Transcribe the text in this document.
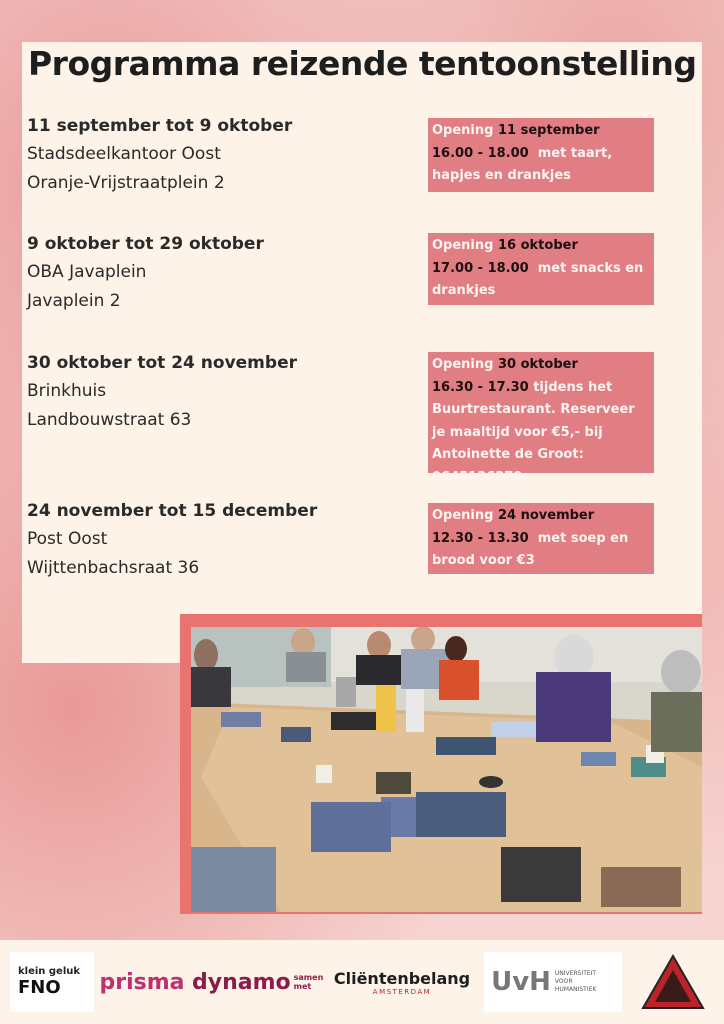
Programma reizende tentoonstelling
11 september tot 9 oktober
Stadsdeelkantoor Oost
Oranje-Vrijstraatplein 2
Opening 11 september
16.00 - 18.00 met taart, hapjes en drankjes
9 oktober tot 29 oktober
OBA Javaplein
Javaplein 2
Opening 16 oktober
17.00 - 18.00 met snacks en drankjes
30 oktober tot 24 november
Brinkhuis
Landbouwstraat 63
Opening 30 oktober
16.30 - 17.30 tijdens het Buurtrestaurant. Reserveer je maaltijd voor €5,- bij Antoinette de Groot: 0645136279
24 november tot 15 december
Post Oost
Wijttenbachsraat 36
Opening 24 november
12.30 - 13.30 met soep en brood voor €3
klein geluk
FNO prisma dynamo samen met	Cliëntenbelang
AMSTERDAM UvH UNIVERSITEIT VOOR HUMANISTIEK
